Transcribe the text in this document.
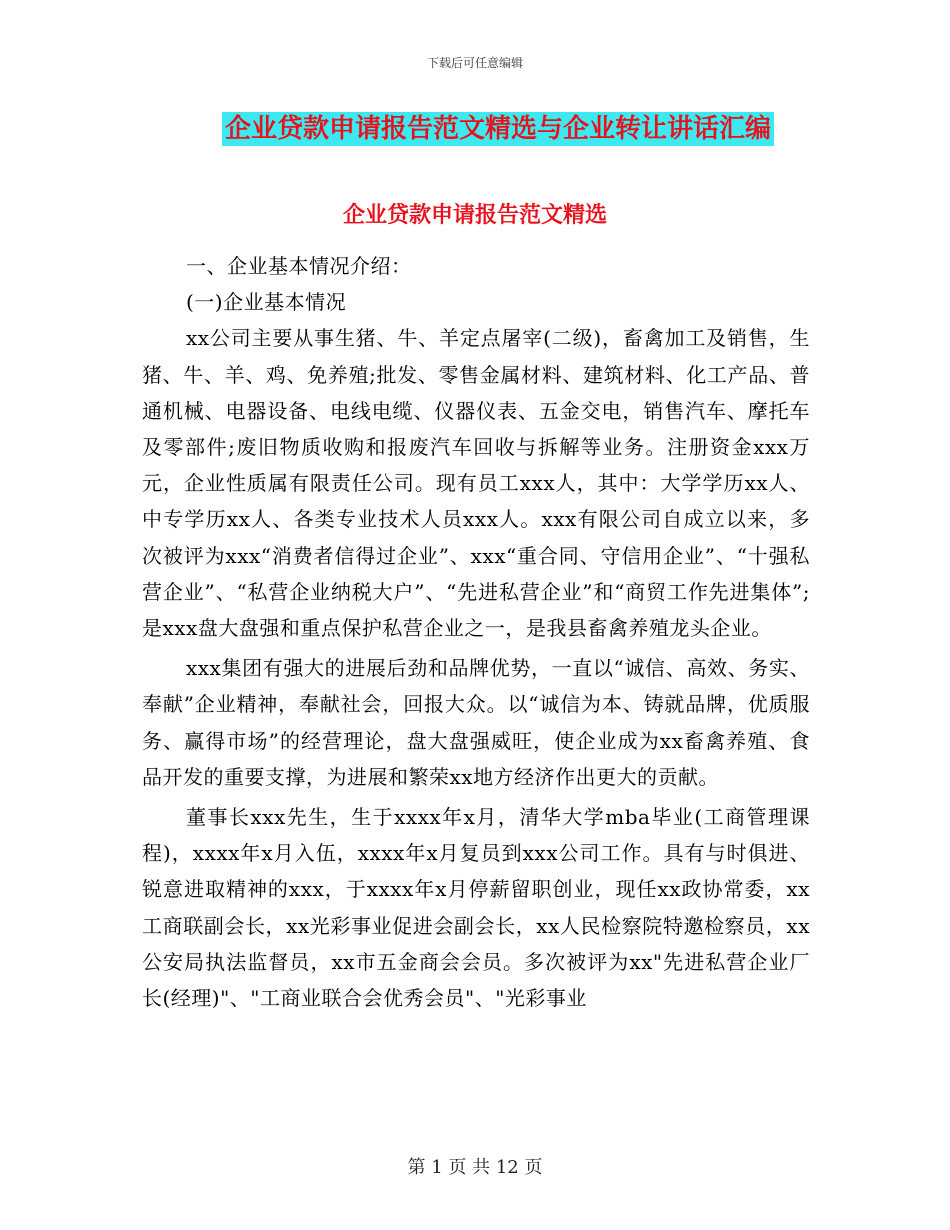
下载后可任意编辑
企业贷款申请报告范文精选与企业转让讲话汇编
企业贷款申请报告范文精选

一、企业基本情况介绍：

(一)企业基本情况

xx公司主要从事生猪、牛、羊定点屠宰(二级)，畜禽加工及销售，生猪、牛、羊、鸡、免养殖;批发、零售金属材料、建筑材料、化工产品、普通机械、电器设备、电线电缆、仪器仪表、五金交电，销售汽车、摩托车及零部件;废旧物质收购和报废汽车回收与拆解等业务。注册资金xxx万元，企业性质属有限责任公司。现有员工xxx人，其中：大学学历xx人、中专学历xx人、各类专业技术人员xxx人。xxx有限公司自成立以来，多次被评为xxx“消费者信得过企业”、xxx“重合同、守信用企业”、“十强私营企业”、“私营企业纳税大户”、“先进私营企业”和“商贸工作先进集体”;是xxx盘大盘强和重点保护私营企业之一，是我县畜禽养殖龙头企业。

xxx集团有强大的进展后劲和品牌优势，一直以“诚信、高效、务实、奉献”企业精神，奉献社会，回报大众。以“诚信为本、铸就品牌，优质服务、赢得市场”的经营理论，盘大盘强威旺，使企业成为xx畜禽养殖、食品开发的重要支撑，为进展和繁荣xx地方经济作出更大的贡献。

董事长xxx先生，生于xxxx年x月，清华大学mba毕业(工商管理课程)，xxxx年x月入伍，xxxx年x月复员到xxx公司工作。具有与时俱进、锐意进取精神的xxx，于xxxx年x月停薪留职创业，现任xx政协常委，xx工商联副会长，xx光彩事业促进会副会长，xx人民检察院特邀检察员，xx公安局执法监督员，xx市五金商会会员。多次被评为xx"先进私营企业厂长(经理)"、"工商业联合会优秀会员"、"光彩事业

第 1 页 共 12 页
